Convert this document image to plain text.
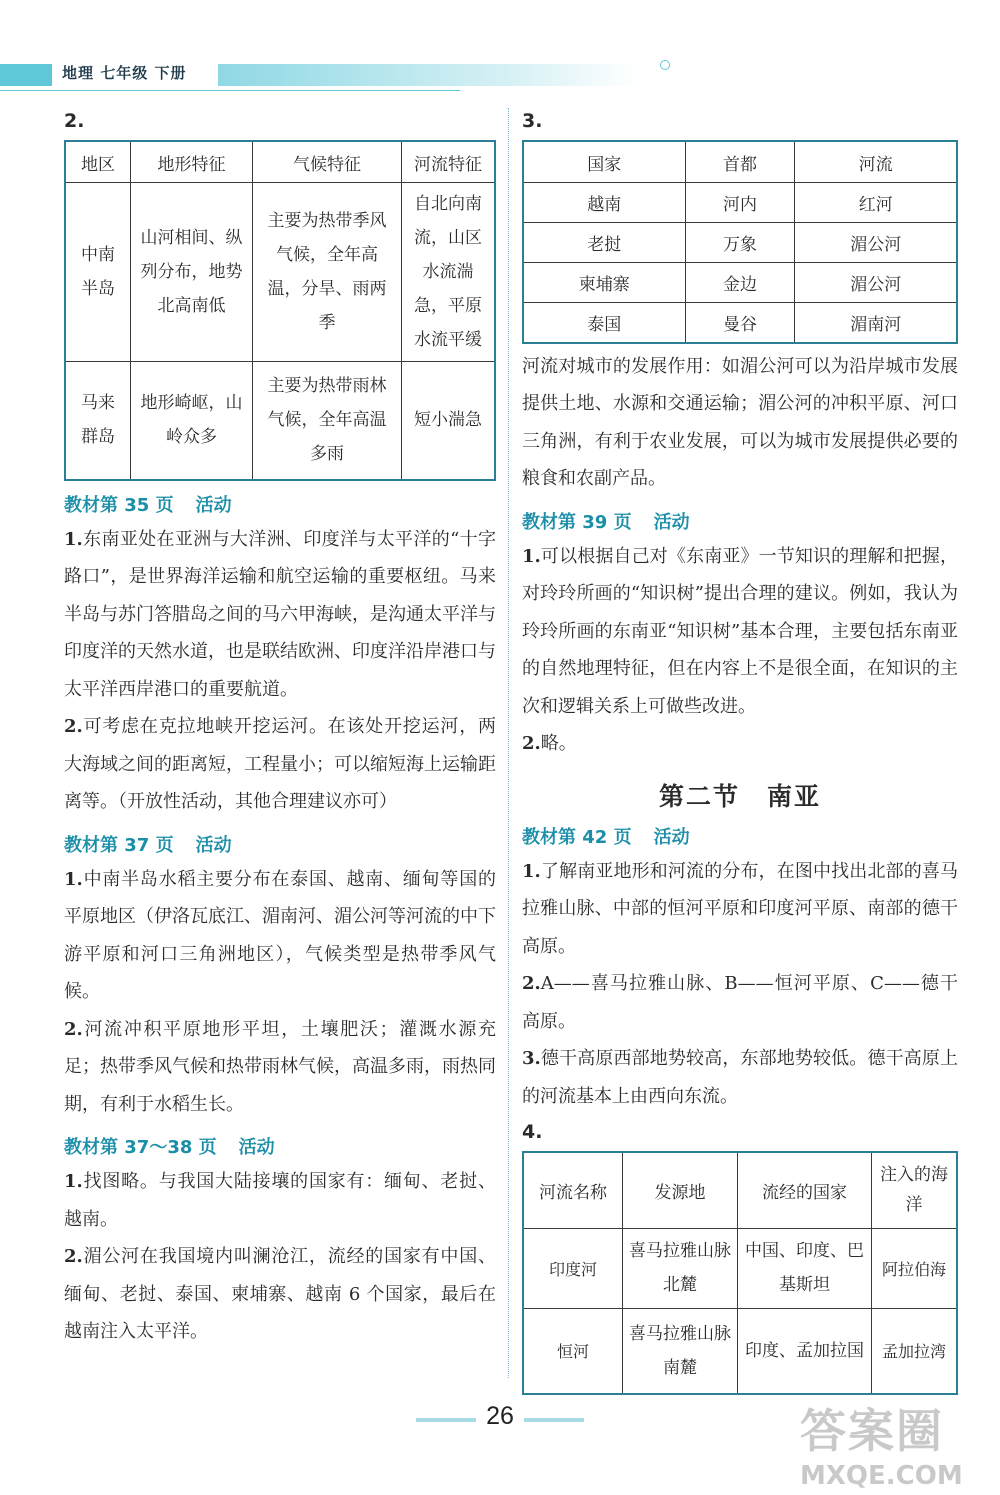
地理 七年级 下册
2.
地区	地形特征	气候特征	河流特征
中南
半岛	山河相间、纵列分布，地势北高南低	主要为热带季风气候，全年高温，分旱、雨两季	自北向南流，山区水流湍急，平原水流平缓
马来
群岛	地形崎岖，山岭众多	主要为热带雨林气候，全年高温多雨	短小湍急
教材第 35 页 活动

1.东南亚处在亚洲与大洋洲、印度洋与太平洋的“十字路口”，是世界海洋运输和航空运输的重要枢纽。马来半岛与苏门答腊岛之间的马六甲海峡，是沟通太平洋与印度洋的天然水道，也是联结欧洲、印度洋沿岸港口与太平洋西岸港口的重要航道。

2.可考虑在克拉地峡开挖运河。在该处开挖运河，两大海域之间的距离短，工程量小；可以缩短海上运输距离等。（开放性活动，其他合理建议亦可）

教材第 37 页 活动

1.中南半岛水稻主要分布在泰国、越南、缅甸等国的平原地区（伊洛瓦底江、湄南河、湄公河等河流的中下游平原和河口三角洲地区），气候类型是热带季风气候。

2.河流冲积平原地形平坦，土壤肥沃；灌溉水源充足；热带季风气候和热带雨林气候，高温多雨，雨热同期，有利于水稻生长。

教材第 37～38 页 活动

1.找图略。与我国大陆接壤的国家有：缅甸、老挝、越南。

2.湄公河在我国境内叫澜沧江，流经的国家有中国、缅甸、老挝、泰国、柬埔寨、越南 6 个国家，最后在越南注入太平洋。

3.
国家	首都	河流
越南	河内	红河
老挝	万象	湄公河
柬埔寨	金边	湄公河
泰国	曼谷	湄南河

河流对城市的发展作用：如湄公河可以为沿岸城市发展提供土地、水源和交通运输；湄公河的冲积平原、河口三角洲，有利于农业发展，可以为城市发展提供必要的粮食和农副产品。

教材第 39 页 活动

1.可以根据自己对《东南亚》一节知识的理解和把握，对玲玲所画的“知识树”提出合理的建议。例如，我认为玲玲所画的东南亚“知识树”基本合理，主要包括东南亚的自然地理特征，但在内容上不是很全面，在知识的主次和逻辑关系上可做些改进。

2.略。

第二节　南亚
教材第 42 页 活动

1.了解南亚地形和河流的分布，在图中找出北部的喜马拉雅山脉、中部的恒河平原和印度河平原、南部的德干高原。

2.A——喜马拉雅山脉、B——恒河平原、C——德干高原。

3.德干高原西部地势较高，东部地势较低。德干高原上的河流基本上由西向东流。

4.
河流名称	发源地	流经的国家	注入的海洋
印度河	喜马拉雅山脉北麓	中国、印度、巴基斯坦	阿拉伯海
恒河	喜马拉雅山脉南麓	印度、孟加拉国	孟加拉湾
26	答案圈
MXQE.COM
